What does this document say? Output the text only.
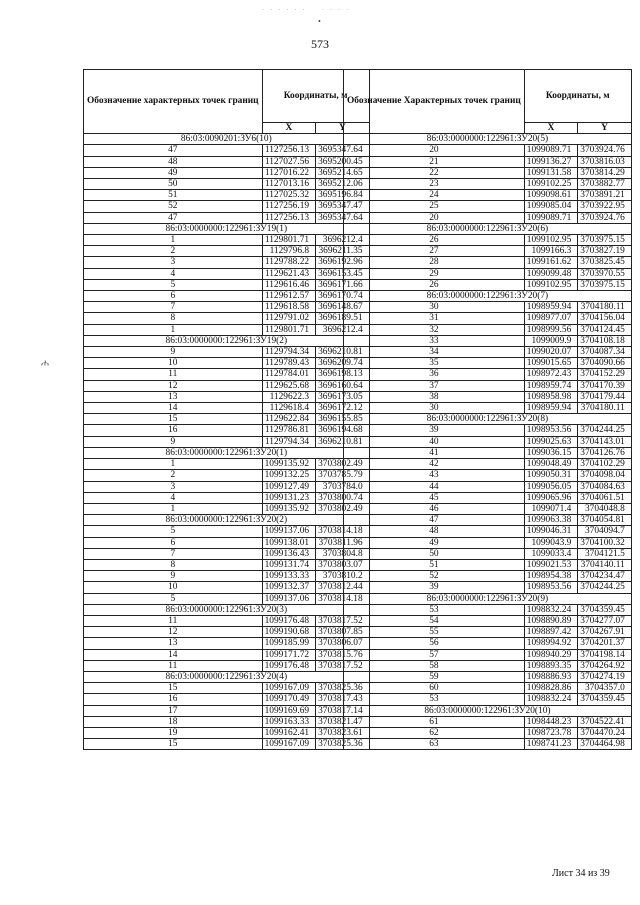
· · · · · ·    · · · ·
•
573
ሐ
Обозначение характерных точек границ	Координаты, м	
	X	Y
86:03:0090201:ЗУ6(10)		
47	1127256.13	3695347.64
48	1127027.56	3695200.45
49	1127016.22	3695214.65
50	1127013.16	3695212.06
51	1127025.32	3695196.84
52	1127256.19	3695347.47
47	1127256.13	3695347.64
86:03:0000000:122961:ЗУ19(1)		
1	1129801.71	3696212.4
2	1129796.8	3696211.35
3	1129788.22	3696192.96
4	1129621.43	3696153.45
5	1129616.46	3696171.66
6	1129612.57	3696170.74
7	1129618.58	3696148.67
8	1129791.02	3696189.51
1	1129801.71	3696212.4
86:03:0000000:122961:ЗУ19(2)		
9	1129794.34	3696210.81
10	1129789.43	3696209.74
11	1129784.01	3696198.13
12	1129625.68	3696160.64
13	1129622.3	3696173.05
14	1129618.4	3696172.12
15	1129622.84	3696155.85
16	1129786.81	3696194.68
9	1129794.34	3696210.81
86:03:0000000:122961:ЗУ20(1)		
1	1099135.92	3703802.49
2	1099132.25	3703785.79
3	1099127.49	3703784.0
4	1099131.23	3703800.74
1	1099135.92	3703802.49
86:03:0000000:122961:ЗУ20(2)		
5	1099137.06	3703814.18
6	1099138.01	3703811.96
7	1099136.43	3703804.8
8	1099131.74	3703803.07
9	1099133.33	3703810.2
10	1099132.37	3703812.44
5	1099137.06	3703814.18
86:03:0000000:122961:ЗУ20(3)		
11	1099176.48	3703817.52
12	1099190.68	3703807.85
13	1099185.99	3703806.07
14	1099171.72	3703815.76
11	1099176.48	3703817.52
86:03:0000000:122961:ЗУ20(4)		
15	1099167.09	3703825.36
16	1099170.49	3703817.43
17	1099169.69	3703817.14
18	1099163.33	3703821.47
19	1099162.41	3703823.61
15	1099167.09	3703825.36
Обозначение Характерных точек границ	Координаты, м	
	X	Y
86:03:0000000:122961:ЗУ20(5)		
20	1099089.71	3703924.76
21	1099136.27	3703816.03
22	1099131.58	3703814.29
23	1099102.25	3703882.77
24	1099098.61	3703891.21
25	1099085.04	3703922.95
20	1099089.71	3703924.76
86:03:0000000:122961:ЗУ20(6)		
26	1099102.95	3703975.15
27	1099166.3	3703827.19
28	1099161.62	3703825.45
29	1099099.48	3703970.55
26	1099102.95	3703975.15
86:03:0000000:122961:ЗУ20(7)		
30	1098959.94	3704180.11
31	1098977.07	3704156.04
32	1098999.56	3704124.45
33	1099009.9	3704108.18
34	1099020.07	3704087.34
35	1099015.65	3704090.66
36	1098972.43	3704152.29
37	1098959.74	3704170.39
38	1098958.98	3704179.44
30	1098959.94	3704180.11
86:03:0000000:122961:ЗУ20(8)		
39	1098953.56	3704244.25
40	1099025.63	3704143.01
41	1099036.15	3704126.76
42	1099048.49	3704102.29
43	1099050.31	3704098.04
44	1099056.05	3704084.63
45	1099065.96	3704061.51
46	1099071.4	3704048.8
47	1099063.38	3704054.81
48	1099046.31	3704094.7
49	1099043.9	3704100.32
50	1099033.4	3704121.5
51	1099021.53	3704140.11
52	1098954.38	3704234.47
39	1098953.56	3704244.25
86:03:0000000:122961:ЗУ20(9)		
53	1098832.24	3704359.45
54	1098890.89	3704277.07
55	1098897.42	3704267.91
56	1098994.92	3704201.37
57	1098940.29	3704198.14
58	1098893.35	3704264.92
59	1098886.93	3704274.19
60	1098828.86	3704357.0
53	1098832.24	3704359.45
86:03:0000000:122961:ЗУ20(10)		
61	1098448.23	3704522.41
62	1098723.78	3704470.24
63	1098741.23	3704464.98
Лист 34 из 39
